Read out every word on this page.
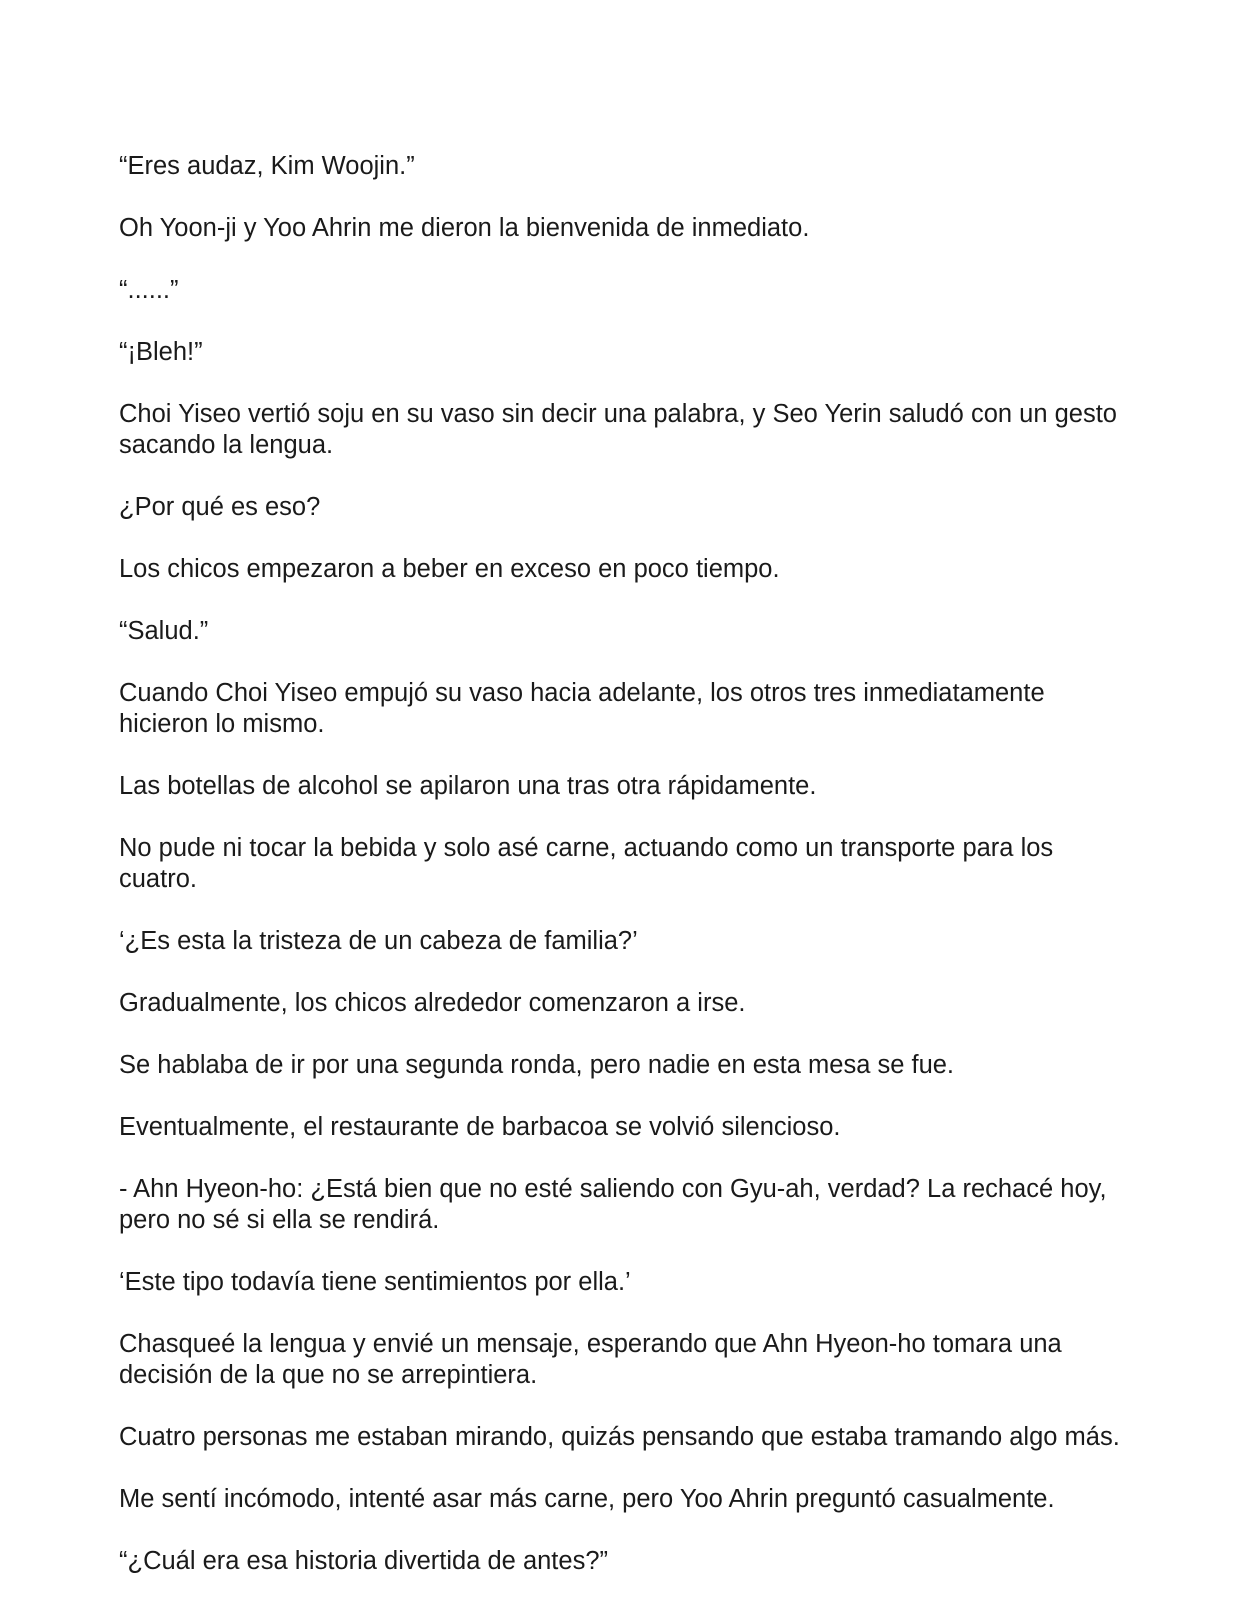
“Eres audaz, Kim Woojin.”

Oh Yoon-ji y Yoo Ahrin me dieron la bienvenida de inmediato.

“......”

“¡Bleh!”

Choi Yiseo vertió soju en su vaso sin decir una palabra, y Seo Yerin saludó con un gesto sacando la lengua.

¿Por qué es eso?

Los chicos empezaron a beber en exceso en poco tiempo.

“Salud.”

Cuando Choi Yiseo empujó su vaso hacia adelante, los otros tres inmediatamente hicieron lo mismo.

Las botellas de alcohol se apilaron una tras otra rápidamente.

No pude ni tocar la bebida y solo asé carne, actuando como un transporte para los cuatro.

‘¿Es esta la tristeza de un cabeza de familia?’

Gradualmente, los chicos alrededor comenzaron a irse.

Se hablaba de ir por una segunda ronda, pero nadie en esta mesa se fue.

Eventualmente, el restaurante de barbacoa se volvió silencioso.

- Ahn Hyeon-ho: ¿Está bien que no esté saliendo con Gyu-ah, verdad? La rechacé hoy, pero no sé si ella se rendirá.

‘Este tipo todavía tiene sentimientos por ella.’

Chasqueé la lengua y envié un mensaje, esperando que Ahn Hyeon-ho tomara una decisión de la que no se arrepintiera.

Cuatro personas me estaban mirando, quizás pensando que estaba tramando algo más.

Me sentí incómodo, intenté asar más carne, pero Yoo Ahrin preguntó casualmente.

“¿Cuál era esa historia divertida de antes?”
